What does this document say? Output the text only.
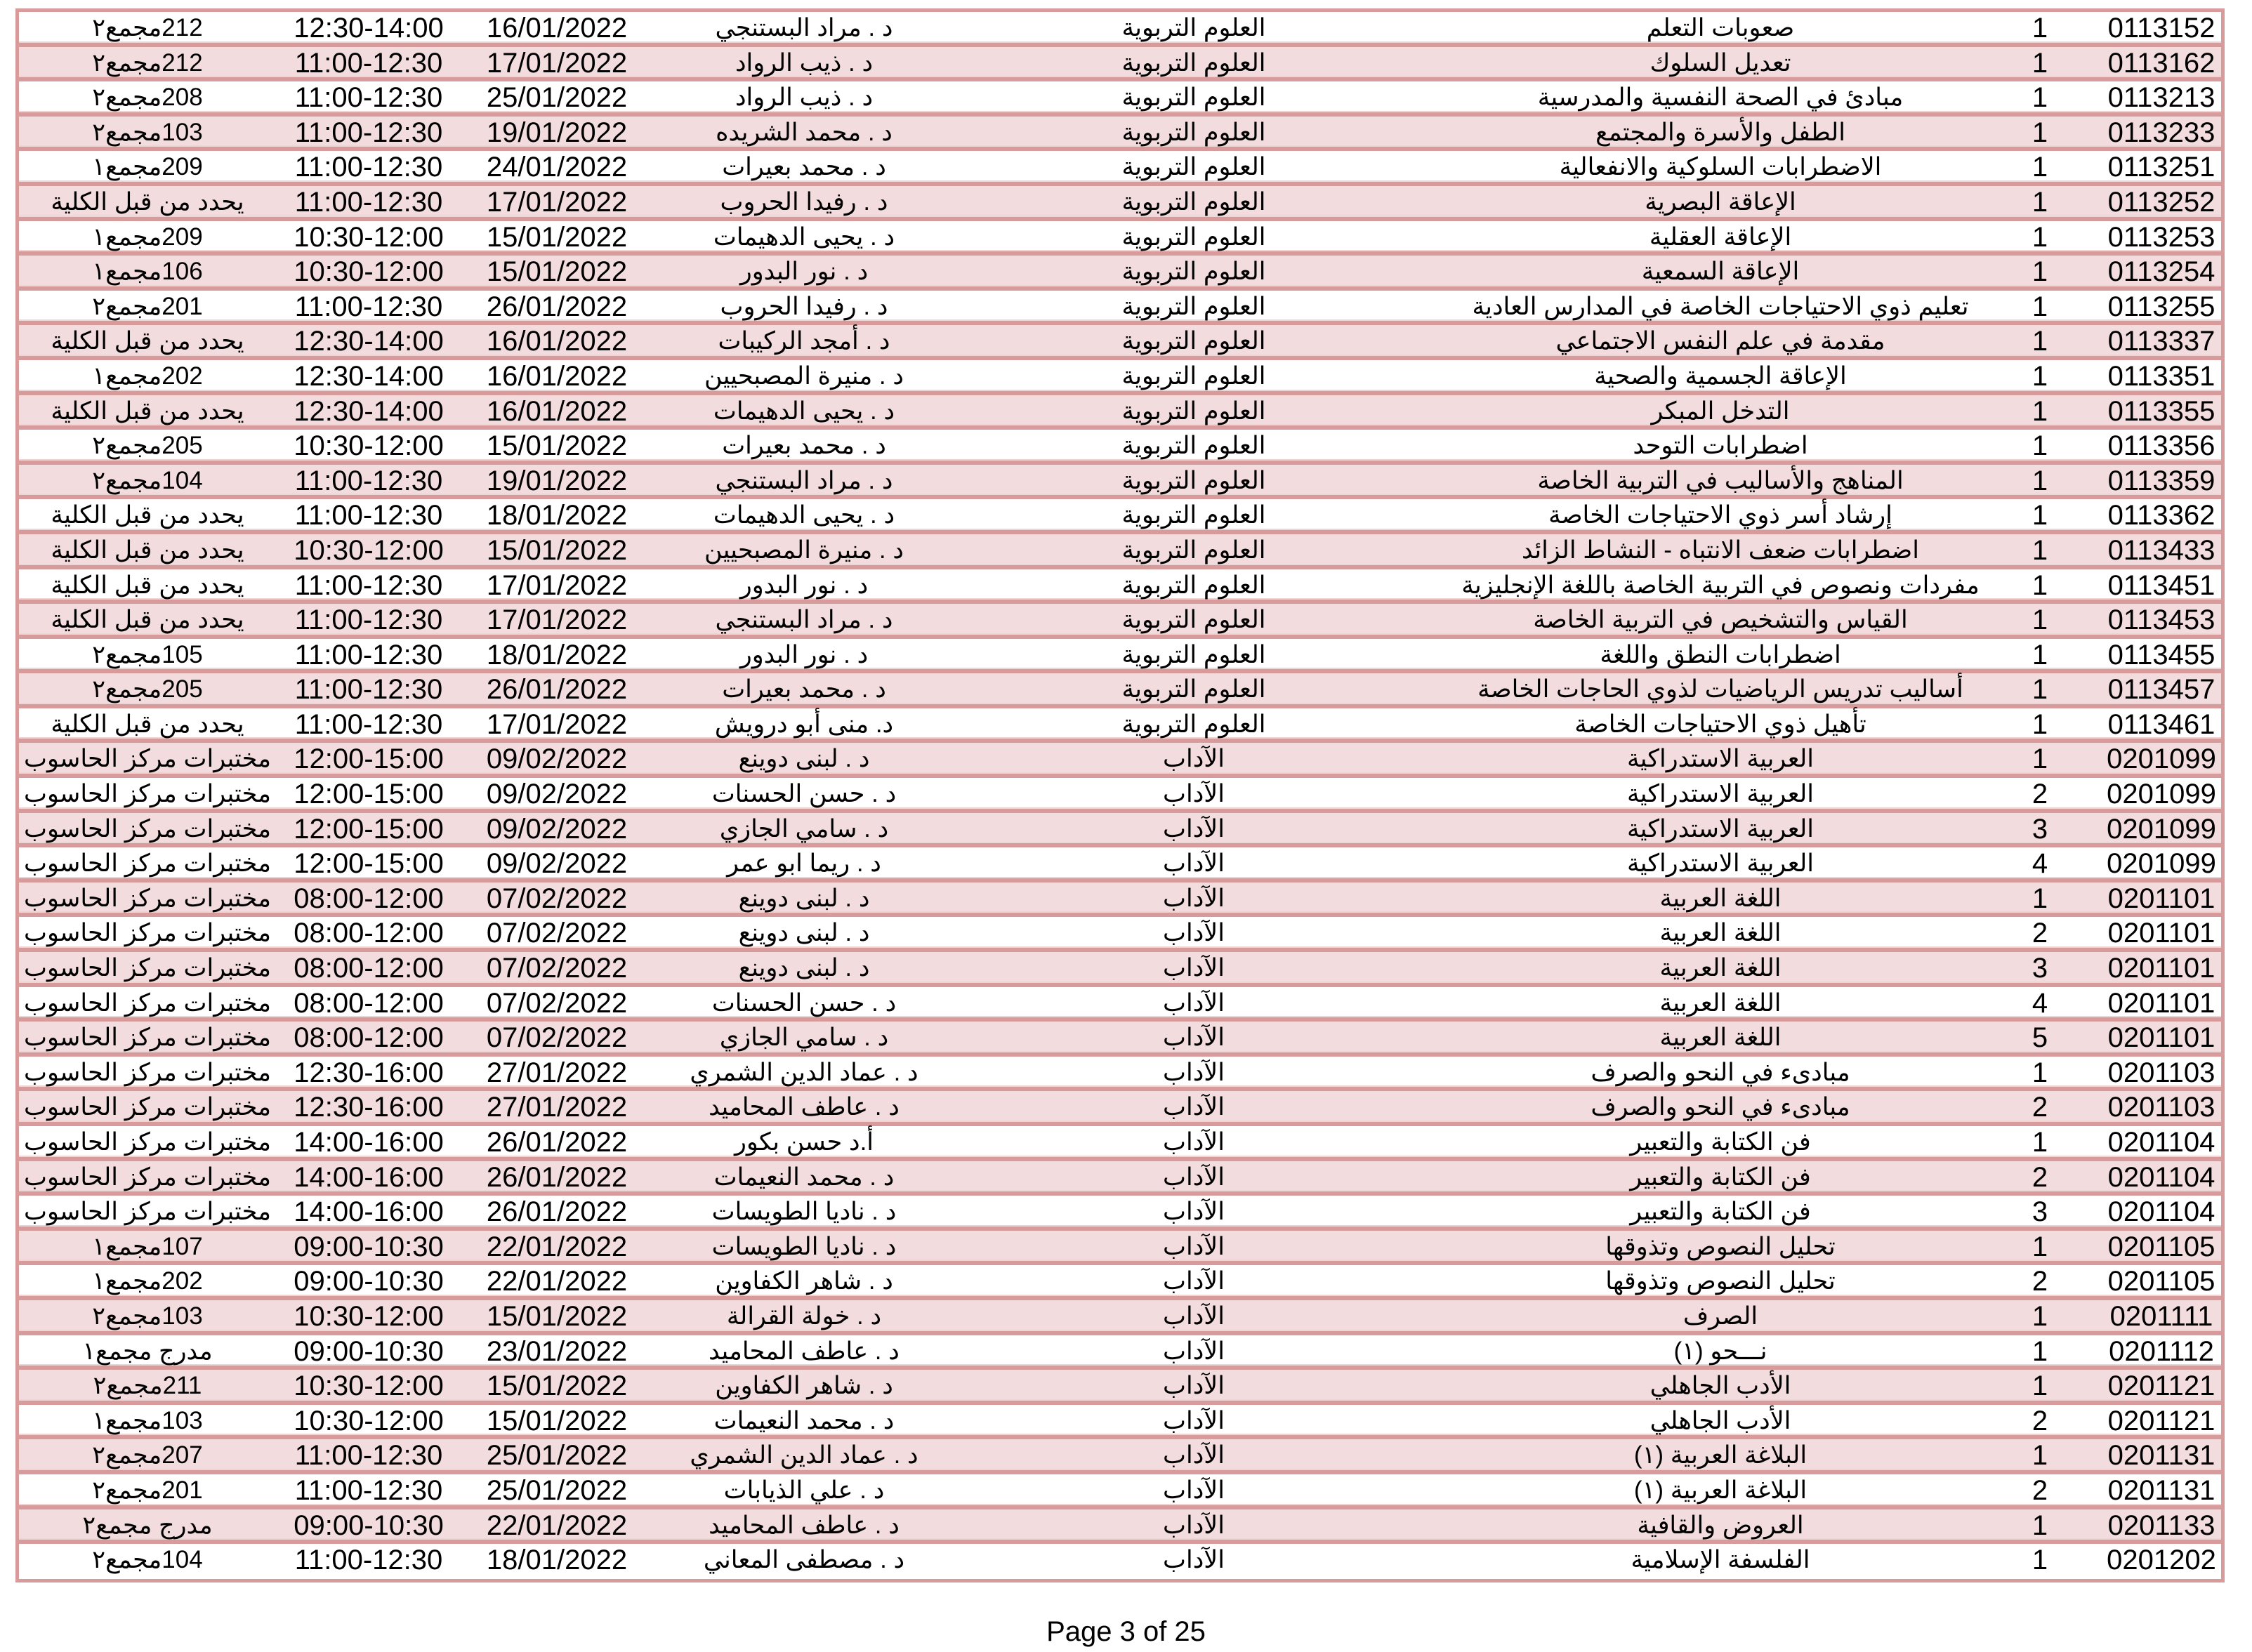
212مجمع٢	12:30-14:00 16/01/2022	د . مراد البستنجي	العلوم التربوية	صعوبات التعلم	1 0113152
212مجمع٢	11:00-12:30 17/01/2022	د . ذيب الرواد	العلوم التربوية	تعديل السلوك	1 0113162
208مجمع٢	11:00-12:30 25/01/2022	د . ذيب الرواد	العلوم التربوية	مبادئ في الصحة النفسية والمدرسية	1 0113213
103مجمع٢	11:00-12:30 19/01/2022	د . محمد الشريده	العلوم التربوية	الطفل والأسرة والمجتمع	1 0113233
209مجمع١	11:00-12:30 24/01/2022	د . محمد بعيرات	العلوم التربوية	الاضطرابات السلوكية والانفعالية	1 0113251
يحدد من قبل الكلية 11:00-12:30 17/01/2022	د . رفيدا الحروب	العلوم التربوية	الإعاقة البصرية	1 0113252
209مجمع١	10:30-12:00 15/01/2022	د . يحيى الدهيمات	العلوم التربوية	الإعاقة العقلية	1 0113253
106مجمع١	10:30-12:00 15/01/2022	د . نور البدور	العلوم التربوية	الإعاقة السمعية	1 0113254
201مجمع٢	11:00-12:30 26/01/2022	د . رفيدا الحروب	العلوم التربوية	تعليم ذوي الاحتياجات الخاصة في المدارس العادية 1 0113255
يحدد من قبل الكلية 12:30-14:00 16/01/2022	د . أمجد الركيبات	العلوم التربوية	مقدمة في علم النفس الاجتماعي	1 0113337
202مجمع١	12:30-14:00 16/01/2022	د . منيرة المصبحيين	العلوم التربوية	الإعاقة الجسمية والصحية	1 0113351
يحدد من قبل الكلية 12:30-14:00 16/01/2022	د . يحيى الدهيمات	العلوم التربوية	التدخل المبكر	1 0113355
205مجمع٢	10:30-12:00 15/01/2022	د . محمد بعيرات	العلوم التربوية	اضطرابات التوحد	1 0113356
104مجمع٢	11:00-12:30 19/01/2022	د . مراد البستنجي	العلوم التربوية	المناهج والأساليب في التربية الخاصة	1 0113359
يحدد من قبل الكلية 11:00-12:30 18/01/2022	د . يحيى الدهيمات	العلوم التربوية	إرشاد أسر ذوي الاحتياجات الخاصة	1 0113362
يحدد من قبل الكلية 10:30-12:00 15/01/2022	د . منيرة المصبحيين	العلوم التربوية	اضطرابات ضعف الانتباه - النشاط الزائد	1 0113433
يحدد من قبل الكلية 11:00-12:30 17/01/2022	د . نور البدور	العلوم التربوية	مفردات ونصوص في التربية الخاصة باللغة الإنجليزية 1 0113451
يحدد من قبل الكلية 11:00-12:30 17/01/2022	د . مراد البستنجي	العلوم التربوية	القياس والتشخيص في التربية الخاصة	1 0113453
105مجمع٢	11:00-12:30 18/01/2022	د . نور البدور	العلوم التربوية	اضطرابات النطق واللغة	1 0113455
205مجمع٢	11:00-12:30 26/01/2022	د . محمد بعيرات	العلوم التربوية	أساليب تدريس الرياضيات لذوي الحاجات الخاصة 1 0113457
يحدد من قبل الكلية 11:00-12:30 17/01/2022	د. منى أبو درويش	العلوم التربوية	تأهيل ذوي الاحتياجات الخاصة	1 0113461
مختبرات مركز الحاسوب 12:00-15:00 09/02/2022	د . لبنى دوينع	الآداب	العربية الاستدراكية	1 0201099
مختبرات مركز الحاسوب 12:00-15:00 09/02/2022	د . حسن الحسنات	الآداب	العربية الاستدراكية	2 0201099
مختبرات مركز الحاسوب 12:00-15:00 09/02/2022	د . سامي الجازي	الآداب	العربية الاستدراكية	3 0201099
مختبرات مركز الحاسوب 12:00-15:00 09/02/2022	د . ريما ابو عمر	الآداب	العربية الاستدراكية	4 0201099
مختبرات مركز الحاسوب 08:00-12:00 07/02/2022	د . لبنى دوينع	الآداب	اللغة العربية	1 0201101
مختبرات مركز الحاسوب 08:00-12:00 07/02/2022	د . لبنى دوينع	الآداب	اللغة العربية	2 0201101
مختبرات مركز الحاسوب 08:00-12:00 07/02/2022	د . لبنى دوينع	الآداب	اللغة العربية	3 0201101
مختبرات مركز الحاسوب 08:00-12:00 07/02/2022	د . حسن الحسنات	الآداب	اللغة العربية	4 0201101
مختبرات مركز الحاسوب 08:00-12:00 07/02/2022	د . سامي الجازي	الآداب	اللغة العربية	5 0201101
مختبرات مركز الحاسوب 12:30-16:00 27/01/2022	د . عماد الدين الشمري	الآداب	مبادىء في النحو والصرف	1 0201103
مختبرات مركز الحاسوب 12:30-16:00 27/01/2022	د . عاطف المحاميد	الآداب	مبادىء في النحو والصرف	2 0201103
مختبرات مركز الحاسوب 14:00-16:00 26/01/2022	أ.د حسن بكور	الآداب	فن الكتابة والتعبير	1 0201104
مختبرات مركز الحاسوب 14:00-16:00 26/01/2022	د . محمد النعيمات	الآداب	فن الكتابة والتعبير	2 0201104
مختبرات مركز الحاسوب 14:00-16:00 26/01/2022	د . ناديا الطويسات	الآداب	فن الكتابة والتعبير	3 0201104
107مجمع١	09:00-10:30 22/01/2022	د . ناديا الطويسات	الآداب	تحليل النصوص وتذوقها	1 0201105
202مجمع١	09:00-10:30 22/01/2022	د . شاهر الكفاوين	الآداب	تحليل النصوص وتذوقها	2 0201105
103مجمع٢	10:30-12:00 15/01/2022	د . خولة القرالة	الآداب	الصرف	1 0201111
مدرج مجمع١	09:00-10:30 23/01/2022	د . عاطف المحاميد	الآداب	نـــحو (١)	1 0201112
211مجمع٢	10:30-12:00 15/01/2022	د . شاهر الكفاوين	الآداب	الأدب الجاهلي	1 0201121
103مجمع١	10:30-12:00 15/01/2022	د . محمد النعيمات	الآداب	الأدب الجاهلي	2 0201121
207مجمع٢	11:00-12:30 25/01/2022	د . عماد الدين الشمري	الآداب	البلاغة العربية (١)	1 0201131
201مجمع٢	11:00-12:30 25/01/2022	د . علي الذيابات	الآداب	البلاغة العربية (١)	2 0201131
مدرج مجمع٢	09:00-10:30 22/01/2022	د . عاطف المحاميد	الآداب	العروض والقافية	1 0201133
104مجمع٢	11:00-12:30 18/01/2022	د . مصطفى المعاني	الآداب	الفلسفة الإسلامية	1 0201202
Page 3 of 25
